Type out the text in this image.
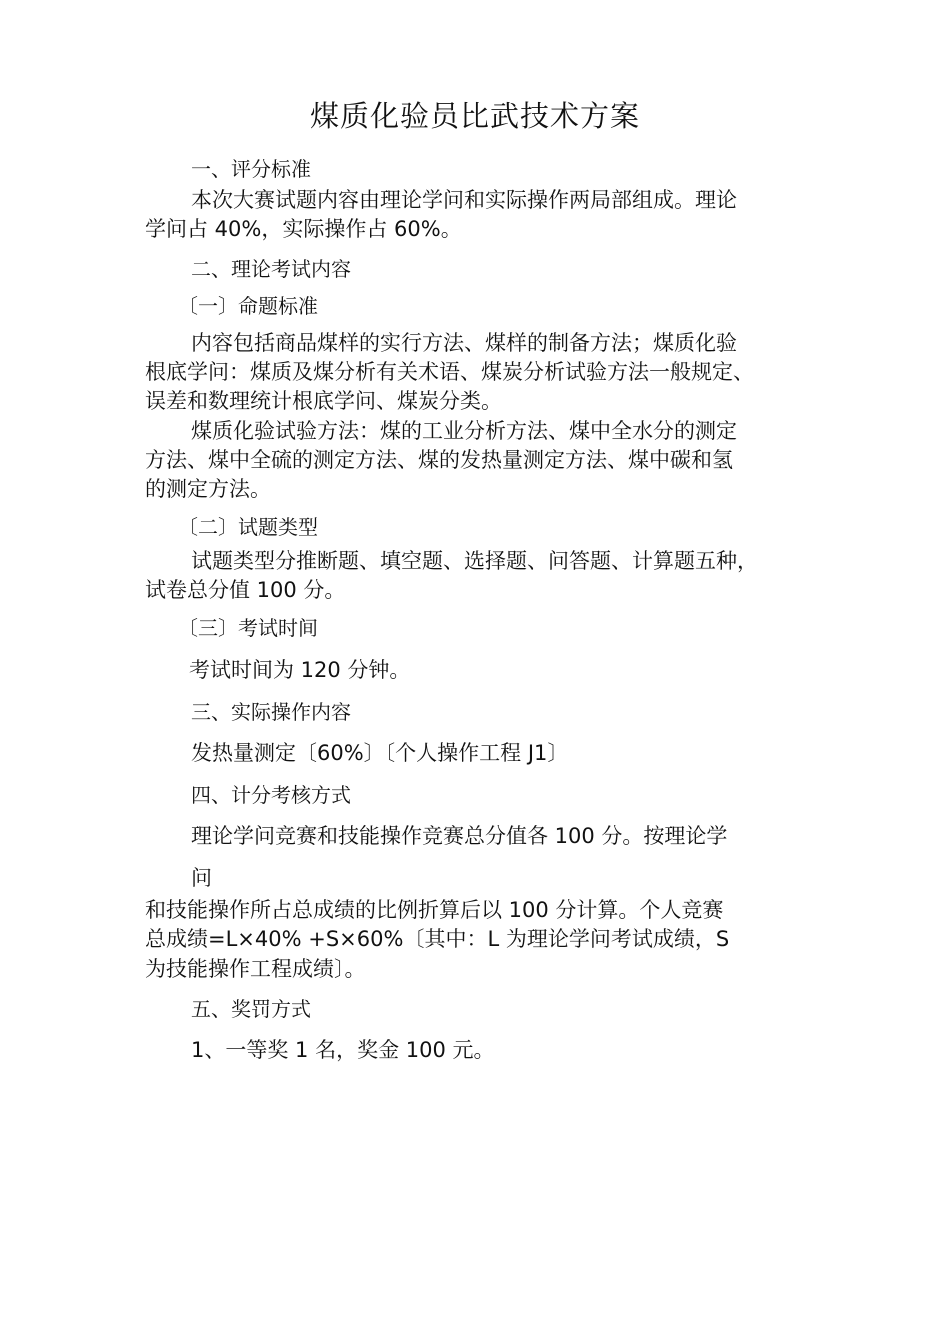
煤质化验员比武技术方案
一、评分标准
本次大赛试题内容由理论学问和实际操作两局部组成。理论
学问占 40%，实际操作占 60%。
二、理论考试内容
〔一〕命题标准
内容包括商品煤样的实行方法、煤样的制备方法；煤质化验
根底学问：煤质及煤分析有关术语、煤炭分析试验方法一般规定、
误差和数理统计根底学问、煤炭分类。
煤质化验试验方法：煤的工业分析方法、煤中全水分的测定
方法、煤中全硫的测定方法、煤的发热量测定方法、煤中碳和氢
的测定方法。
〔二〕试题类型
试题类型分推断题、填空题、选择题、问答题、计算题五种，
试卷总分值 100 分。
〔三〕考试时间
考试时间为 120 分钟。
三、实际操作内容
发热量测定〔60%〕〔个人操作工程 J1〕
四、计分考核方式
理论学问竞赛和技能操作竞赛总分值各 100 分。按理论学
问
和技能操作所占总成绩的比例折算后以 100 分计算。个人竞赛
总成绩=L×40% +S×60%〔其中：L 为理论学问考试成绩，S
为技能操作工程成绩〕。
五、奖罚方式
1、一等奖 1 名，奖金 100 元。
